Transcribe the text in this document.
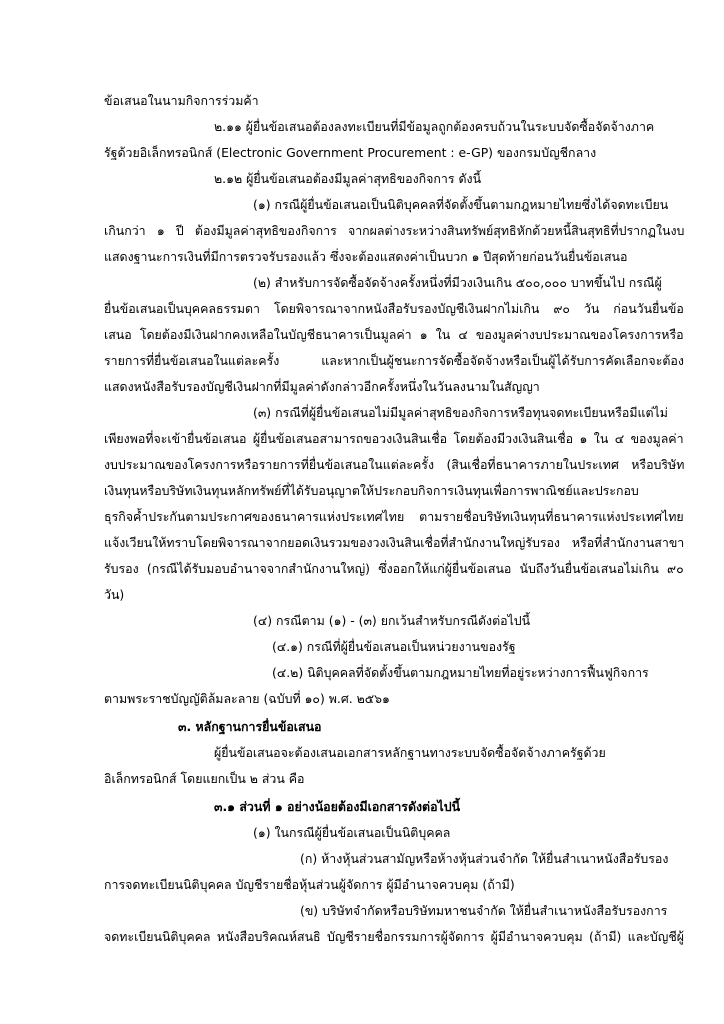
ข้อเสนอในนามกิจการร่วมค้า
๒.๑๑ ผู้ยื่นข้อเสนอต้องลงทะเบียนที่มีข้อมูลถูกต้องครบถ้วนในระบบจัดซื้อจัดจ้างภาค
รัฐด้วยอิเล็กทรอนิกส์ (Electronic Government Procurement : e-GP) ของกรมบัญชีกลาง
๒.๑๒ ผู้ยื่นข้อเสนอต้องมีมูลค่าสุทธิของกิจการ ดังนี้
(๑) กรณีผู้ยื่นข้อเสนอเป็นนิติบุคคลที่จัดตั้งขึ้นตามกฎหมายไทยซึ่งได้จดทะเบียน
เกินกว่า ๑ ปี ต้องมีมูลค่าสุทธิของกิจการ จากผลต่างระหว่างสินทรัพย์สุทธิหักด้วยหนี้สินสุทธิที่ปรากฏในงบ
แสดงฐานะการเงินที่มีการตรวจรับรองแล้ว ซึ่งจะต้องแสดงค่าเป็นบวก ๑ ปีสุดท้ายก่อนวันยื่นข้อเสนอ
(๒) สำหรับการจัดซื้อจัดจ้างครั้งหนึ่งที่มีวงเงินเกิน ๕๐๐,๐๐๐ บาทขึ้นไป กรณีผู้
ยื่นข้อเสนอเป็นบุคคลธรรมดา โดยพิจารณาจากหนังสือรับรองบัญชีเงินฝากไม่เกิน ๙๐ วัน ก่อนวันยื่นข้อ
เสนอ โดยต้องมีเงินฝากคงเหลือในบัญชีธนาคารเป็นมูลค่า ๑ ใน ๔ ของมูลค่างบประมาณของโครงการหรือ
รายการที่ยื่นข้อเสนอในแต่ละครั้ง และหากเป็นผู้ชนะการจัดซื้อจัดจ้างหรือเป็นผู้ได้รับการคัดเลือกจะต้อง
แสดงหนังสือรับรองบัญชีเงินฝากที่มีมูลค่าดังกล่าวอีกครั้งหนึ่งในวันลงนามในสัญญา
(๓) กรณีที่ผู้ยื่นข้อเสนอไม่มีมูลค่าสุทธิของกิจการหรือทุนจดทะเบียนหรือมีแต่ไม่
เพียงพอที่จะเข้ายื่นข้อเสนอ ผู้ยื่นข้อเสนอสามารถขอวงเงินสินเชื่อ โดยต้องมีวงเงินสินเชื่อ ๑ ใน ๔ ของมูลค่า
งบประมาณของโครงการหรือรายการที่ยื่นข้อเสนอในแต่ละครั้ง (สินเชื่อที่ธนาคารภายในประเทศ หรือบริษัท
เงินทุนหรือบริษัทเงินทุนหลักทรัพย์ที่ได้รับอนุญาตให้ประกอบกิจการเงินทุนเพื่อการพาณิชย์และประกอบ
ธุรกิจค้ำประกันตามประกาศของธนาคารแห่งประเทศไทย ตามรายชื่อบริษัทเงินทุนที่ธนาคารแห่งประเทศไทย
แจ้งเวียนให้ทราบโดยพิจารณาจากยอดเงินรวมของวงเงินสินเชื่อที่สำนักงานใหญ่รับรอง หรือที่สำนักงานสาขา
รับรอง (กรณีได้รับมอบอำนาจจากสำนักงานใหญ่) ซึ่งออกให้แก่ผู้ยื่นข้อเสนอ นับถึงวันยื่นข้อเสนอไม่เกิน ๙๐
วัน)
(๔) กรณีตาม (๑) - (๓) ยกเว้นสำหรับกรณีดังต่อไปนี้
(๔.๑) กรณีที่ผู้ยื่นข้อเสนอเป็นหน่วยงานของรัฐ
(๔.๒) นิติบุคคลที่จัดตั้งขึ้นตามกฎหมายไทยที่อยู่ระหว่างการฟื้นฟูกิจการ
ตามพระราชบัญญัติล้มละลาย (ฉบับที่ ๑๐) พ.ศ. ๒๕๖๑
๓. หลักฐานการยื่นข้อเสนอ
ผู้ยื่นข้อเสนอจะต้องเสนอเอกสารหลักฐานทางระบบจัดซื้อจัดจ้างภาครัฐด้วย
อิเล็กทรอนิกส์ โดยแยกเป็น ๒ ส่วน คือ
๓.๑ ส่วนที่ ๑ อย่างน้อยต้องมีเอกสารดังต่อไปนี้
(๑) ในกรณีผู้ยื่นข้อเสนอเป็นนิติบุคคล
(ก) ห้างหุ้นส่วนสามัญหรือห้างหุ้นส่วนจำกัด ให้ยื่นสำเนาหนังสือรับรอง
การจดทะเบียนนิติบุคคล บัญชีรายชื่อหุ้นส่วนผู้จัดการ ผู้มีอำนาจควบคุม (ถ้ามี)
(ข) บริษัทจำกัดหรือบริษัทมหาชนจำกัด ให้ยื่นสำเนาหนังสือรับรองการ
จดทะเบียนนิติบุคคล หนังสือบริคณห์สนธิ บัญชีรายชื่อกรรมการผู้จัดการ ผู้มีอำนาจควบคุม (ถ้ามี) และบัญชีผู้
